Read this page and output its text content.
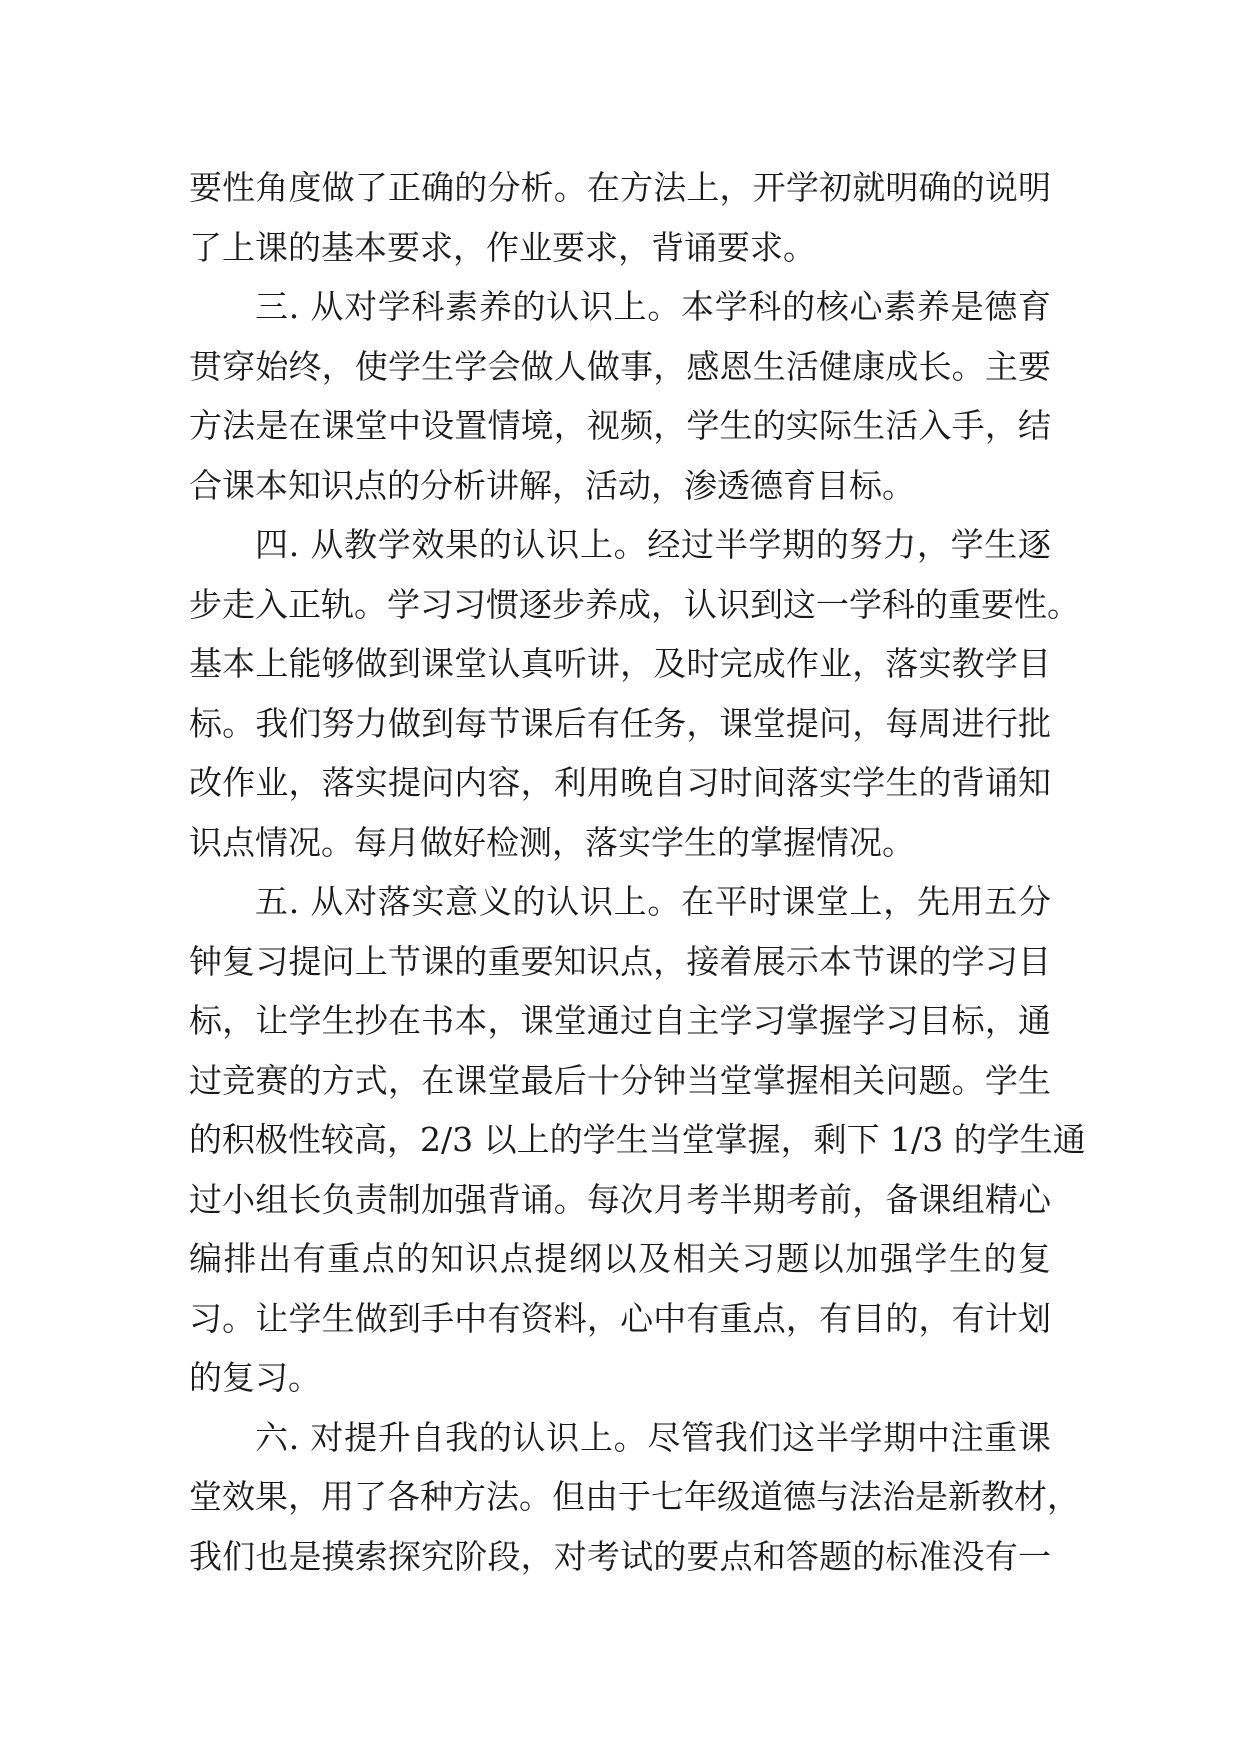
要性角度做了正确的分析。在方法上，开学初就明确的说明
了上课的基本要求，作业要求，背诵要求。
三. 从对学科素养的认识上。本学科的核心素养是德育
贯穿始终，使学生学会做人做事，感恩生活健康成长。主要
方法是在课堂中设置情境，视频，学生的实际生活入手，结
合课本知识点的分析讲解，活动，渗透德育目标。
四. 从教学效果的认识上。经过半学期的努力，学生逐
步走入正轨。学习习惯逐步养成，认识到这一学科的重要性。
基本上能够做到课堂认真听讲，及时完成作业，落实教学目
标。我们努力做到每节课后有任务，课堂提问，每周进行批
改作业，落实提问内容，利用晚自习时间落实学生的背诵知
识点情况。每月做好检测，落实学生的掌握情况。
五. 从对落实意义的认识上。在平时课堂上，先用五分
钟复习提问上节课的重要知识点，接着展示本节课的学习目
标，让学生抄在书本，课堂通过自主学习掌握学习目标，通
过竞赛的方式，在课堂最后十分钟当堂掌握相关问题。学生
的积极性较高，2/3 以上的学生当堂掌握，剩下 1/3 的学生通
过小组长负责制加强背诵。每次月考半期考前，备课组精心
编排出有重点的知识点提纲以及相关习题以加强学生的复
习。让学生做到手中有资料，心中有重点，有目的，有计划
的复习。
六. 对提升自我的认识上。尽管我们这半学期中注重课
堂效果，用了各种方法。但由于七年级道德与法治是新教材，
我们也是摸索探究阶段，对考试的要点和答题的标准没有一
